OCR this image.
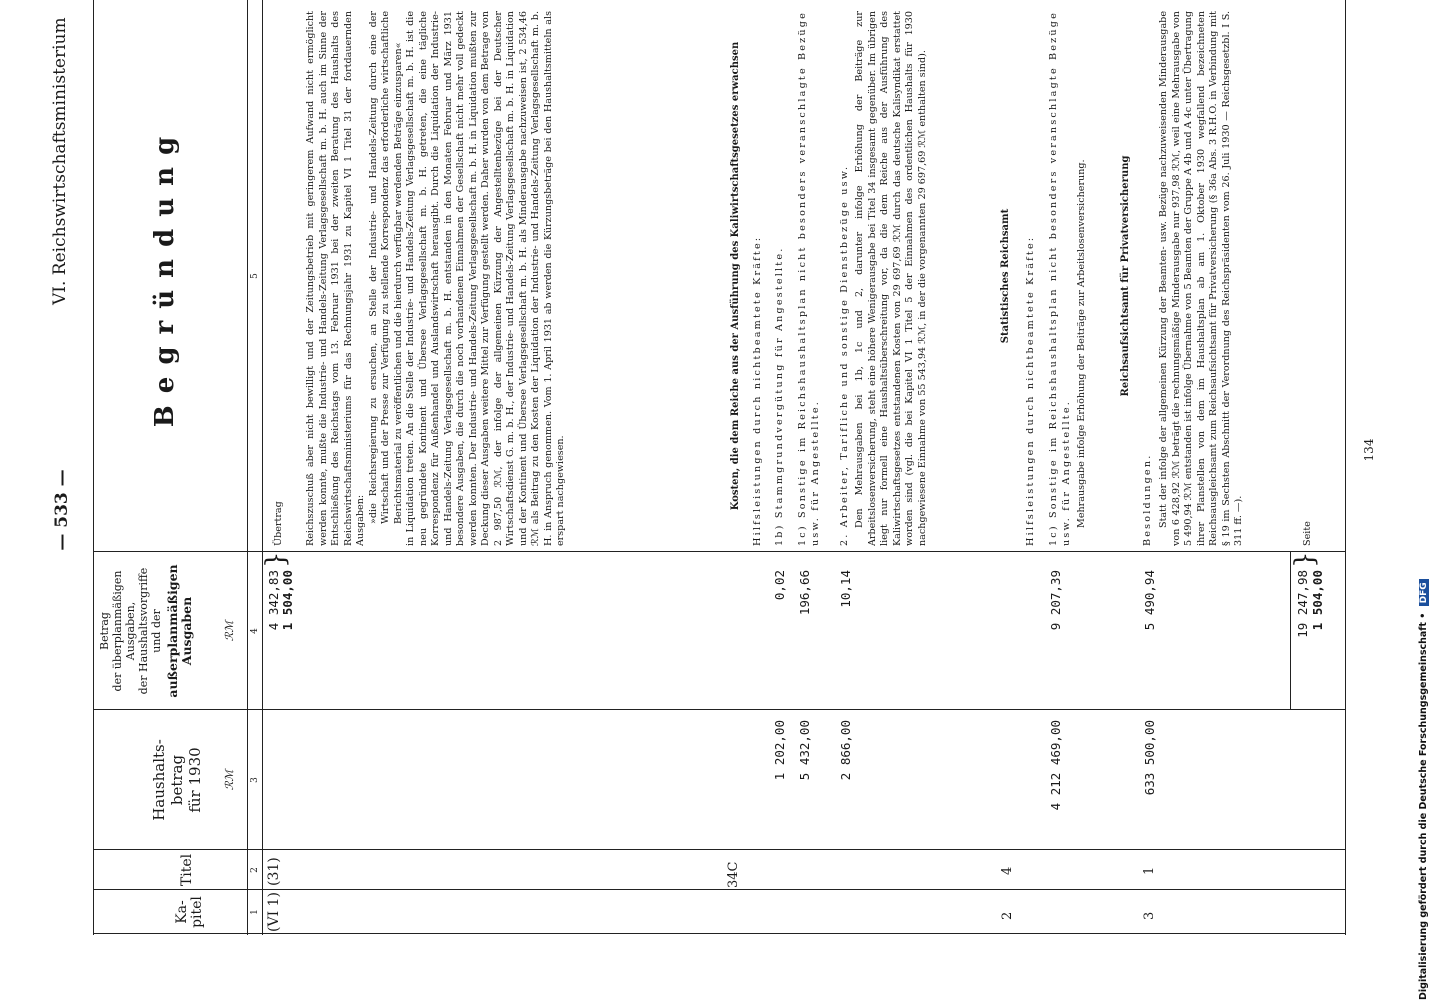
Digitalisierung gefördert durch die Deutsche Forschungsgemeinschaft • DFG
— 533 —
VI. Reichswirtschaftsministerium
Ka-
pitel
Titel
Haushalts-
betrag
für 1930 ℛℳ
Betrag
der überplanmäßigen
Ausgaben,
der Haushaltsvorgriffe
und der außerplanmäßigen
Ausgaben	ℛℳ
Begründung
1
2
3
4
5
(VI 1)
(31)
4 342,83 1 504,00
}
Übertrag Reichszuschuß aber nicht bewilligt und der Zeitungsbetrieb mit geringerem Aufwand nicht ermöglicht werden konnte, mußte die Industrie- und Handels-Zeitung Verlagsgesellschaft m. b. H. auch im Sinne der Entschließung des Reichstags vom 13. Februar 1931 bei der zweiten Beratung des Haushalts des Reichswirtschaftsministeriums für das Rechnungsjahr 1931 zu Kapitel VI 1 Titel 31 der fortdauernden Ausgaben: »die Reichsregierung zu ersuchen, an Stelle der Industrie- und Handels-Zeitung durch eine der Wirtschaft und der Presse zur Verfügung zu stellende Korrespondenz das erforderliche wirtschaftliche Berichtsmaterial zu veröffentlichen und die hierdurch verfügbar werdenden Beträge einzusparen« in Liquidation treten. An die Stelle der Industrie- und Handels-Zeitung Verlagsgesellschaft m. b. H. ist die neu gegründete Kontinent und Übersee Verlagsgesellschaft m. b. H. getreten, die eine tägliche Korrespondenz für Außenhandel und Auslandswirtschaft herausgibt. Durch die Liquidation der Industrie- und Handels-Zeitung Verlagsgesellschaft m. b. H. entstanden in den Monaten Februar und März 1931 besondere Ausgaben, die durch die noch vorhandenen Einnahmen der Gesellschaft nicht mehr voll gedeckt werden konnten. Der Industrie- und Handels-Zeitung Verlagsgesellschaft m. b. H. in Liquidation mußten zur Deckung dieser Ausgaben weitere Mittel zur Verfügung gestellt werden. Daher wurden von dem Betrage von 2 987,50 ℛℳ, der infolge der allgemeinen Kürzung der Angestelltenbezüge bei der Deutscher Wirtschaftsdienst G. m. b. H., der Industrie- und Handels-Zeitung Verlagsgesellschaft m. b. H. in Liquidation und der Kontinent und Übersee Verlagsgesellschaft m. b. H. als Minderausgabe nachzuweisen ist, 2 534,46 ℛℳ als Beitrag zu den Kosten der Liquidation der Industrie- und Handels-Zeitung Verlagsgesellschaft m. b. H. in Anspruch genommen. Vom 1. April 1931 ab werden die Kürzungsbeträge bei den Haushaltsmitteln als erspart nachgewiesen.

34C
Kosten, die dem Reiche aus der Ausführung des Kaliwirtschaftsgesetzes erwachsen Hilfsleistungen durch nichtbeamtete Kräfte:
1 202,00
0,02
1b) Stammgrundvergütung für Angestellte.
5 432,00
196,66
1c) Sonstige im Reichshaushaltsplan nicht besonders veranschlagte Bezüge usw. für Angestellte.
2 866,00
10,14
2. Arbeiter, Tarifliche und sonstige Dienstbezüge usw. Den Mehrausgaben bei 1b, 1c und 2, darunter infolge Erhöhung der Beiträge zur Arbeitslosenversicherung, steht eine höhere Wenigerausgabe bei Titel 34 insgesamt gegenüber. Im übrigen liegt nur formell eine Haushaltsüberschreitung vor, da die dem Reiche aus der Ausführung des Kaliwirtschaftsgesetzes entstandenen Kosten von 29 697,69 ℛℳ durch das deutsche Kalisyndikat erstattet worden sind (vgl. die bei Kapitel VI 1 Titel 5 der Einnahmen des ordentlichen Haushalts für 1930 nachgewiesene Einnahme von 55 543,94 ℛℳ, in der die vorgenannten 29 697,69 ℛℳ enthalten sind).
2
4
Statistisches Reichsamt Hilfsleistungen durch nichtbeamtete Kräfte:
4 212 469,00
9 207,39
1c) Sonstige im Reichshaushaltsplan nicht besonders veranschlagte Bezüge usw. für Angestellte. Mehrausgabe infolge Erhöhung der Beiträge zur Arbeitslosenversicherung.	Reichsaufsichtsamt für Privatversicherung
3
1
633 500,00
5 490,94
Besoldungen. Statt der infolge der allgemeinen Kürzung der Beamten- usw. Bezüge nachzuweisenden Minderausgabe von 6 428,92 ℛℳ beträgt die rechnungsmäßige Minderausgabe nur 937,98 ℛℳ, weil eine Mehrausgabe von 5 490,94 ℛℳ entstanden ist infolge Übernahme von 5 Beamten der Gruppe A 4b und A 4c unter Übertragung ihrer Planstellen von dem im Haushaltsplan ab am 1. Oktober 1930 wegfallend bezeichneten Reichsausgleichsamt zum Reichsaufsichtsamt für Privatversicherung (§ 36a Abs. 3 R.H.O. in Verbindung mit § 19 im Sechsten Abschnitt der Verordnung des Reichspräsidenten vom 26. Juli 1930 — Reichsgesetzbl. I S. 311 ff. —).
19 247,98 1 504,00
}
Seite
134
